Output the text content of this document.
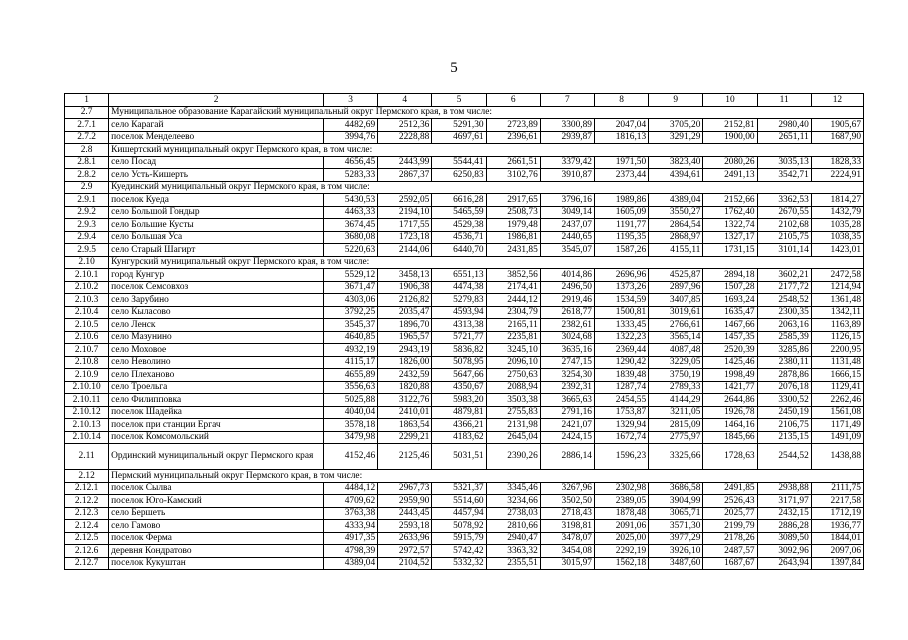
5
1	2	3	4	5	6	7	8	9	10	11	12
2.7	Муниципальное образование Карагайский муниципальный округ Пермского края, в том числе:										
2.7.1	село Карагай	4482,69	2512,36	5291,30	2723,89	3300,89	2047,04	3705,20	2152,81	2980,40	1905,67
2.7.2	поселок Менделеево	3994,76	2228,88	4697,61	2396,61	2939,87	1816,13	3291,29	1900,00	2651,11	1687,90
2.8	Кишертский муниципальный округ Пермского края, в том числе:										
2.8.1	село Посад	4656,45	2443,99	5544,41	2661,51	3379,42	1971,50	3823,40	2080,26	3035,13	1828,33
2.8.2	село Усть-Кишерть	5283,33	2867,37	6250,83	3102,76	3910,87	2373,44	4394,61	2491,13	3542,71	2224,91
2.9	Куединский муниципальный округ Пермского края, в том числе:										
2.9.1	поселок Куеда	5430,53	2592,05	6616,28	2917,65	3796,16	1989,86	4389,04	2152,66	3362,53	1814,27
2.9.2	село Большой Гондыр	4463,33	2194,10	5465,59	2508,73	3049,14	1605,09	3550,27	1762,40	2670,55	1432,79
2.9.3	село Большие Кусты	3674,45	1717,55	4529,38	1979,48	2437,07	1191,77	2864,54	1322,74	2102,68	1035,28
2.9.4	село Большая Уса	3680,08	1723,18	4536,71	1986,81	2440,65	1195,35	2868,97	1327,17	2105,75	1038,35
2.9.5	село Старый Шагирт	5220,63	2144,06	6440,70	2431,85	3545,07	1587,26	4155,11	1731,15	3101,14	1423,01
2.10	Кунгурский муниципальный округ Пермского края, в том числе:										
2.10.1	город Кунгур	5529,12	3458,13	6551,13	3852,56	4014,86	2696,96	4525,87	2894,18	3602,21	2472,58
2.10.2	поселок Семсовхоз	3671,47	1906,38	4474,38	2174,41	2496,50	1373,26	2897,96	1507,28	2177,72	1214,94
2.10.3	село Зарубино	4303,06	2126,82	5279,83	2444,12	2919,46	1534,59	3407,85	1693,24	2548,52	1361,48
2.10.4	село Кыласово	3792,25	2035,47	4593,94	2304,79	2618,77	1500,81	3019,61	1635,47	2300,35	1342,11
2.10.5	село Ленск	3545,37	1896,70	4313,38	2165,11	2382,61	1333,45	2766,61	1467,66	2063,16	1163,89
2.10.6	село Мазунино	4640,85	1965,57	5721,77	2235,81	3024,68	1322,23	3565,14	1457,35	2585,39	1126,15
2.10.7	село Моховое	4932,19	2943,19	5836,82	3245,10	3635,16	2369,44	4087,48	2520,39	3285,86	2200,95
2.10.8	село Неволино	4115,17	1826,00	5078,95	2096,10	2747,15	1290,42	3229,05	1425,46	2380,11	1131,48
2.10.9	село Плеханово	4655,89	2432,59	5647,66	2750,63	3254,30	1839,48	3750,19	1998,49	2878,86	1666,15
2.10.10	село Троельга	3556,63	1820,88	4350,67	2088,94	2392,31	1287,74	2789,33	1421,77	2076,18	1129,41
2.10.11	село Филипповка	5025,88	3122,76	5983,20	3503,38	3665,63	2454,55	4144,29	2644,86	3300,52	2262,46
2.10.12	поселок Шадейка	4040,04	2410,01	4879,81	2755,83	2791,16	1753,87	3211,05	1926,78	2450,19	1561,08
2.10.13	поселок при станции Ергач	3578,18	1863,54	4366,21	2131,98	2421,07	1329,94	2815,09	1464,16	2106,75	1171,49
2.10.14	поселок Комсомольский	3479,98	2299,21	4183,62	2645,04	2424,15	1672,74	2775,97	1845,66	2135,15	1491,09
2.11	Ординский муниципальный округ Пермского края	4152,46	2125,46	5031,51	2390,26	2886,14	1596,23	3325,66	1728,63	2544,52	1438,88
2.12	Пермский муниципальный округ Пермского края, в том числе:										
2.12.1	поселок Сылва	4484,12	2967,73	5321,37	3345,46	3267,96	2302,98	3686,58	2491,85	2938,88	2111,75
2.12.2	поселок Юго-Камский	4709,62	2959,90	5514,60	3234,66	3502,50	2389,05	3904,99	2526,43	3171,97	2217,58
2.12.3	село Бершеть	3763,38	2443,45	4457,94	2738,03	2718,43	1878,48	3065,71	2025,77	2432,15	1712,19
2.12.4	село Гамово	4333,94	2593,18	5078,92	2810,66	3198,81	2091,06	3571,30	2199,79	2886,28	1936,77
2.12.5	поселок Ферма	4917,35	2633,96	5915,79	2940,47	3478,07	2025,00	3977,29	2178,26	3089,50	1844,01
2.12.6	деревня Кондратово	4798,39	2972,57	5742,42	3363,32	3454,08	2292,19	3926,10	2487,57	3092,96	2097,06
2.12.7	поселок Кукуштан	4389,04	2104,52	5332,32	2355,51	3015,97	1562,18	3487,60	1687,67	2643,94	1397,84
